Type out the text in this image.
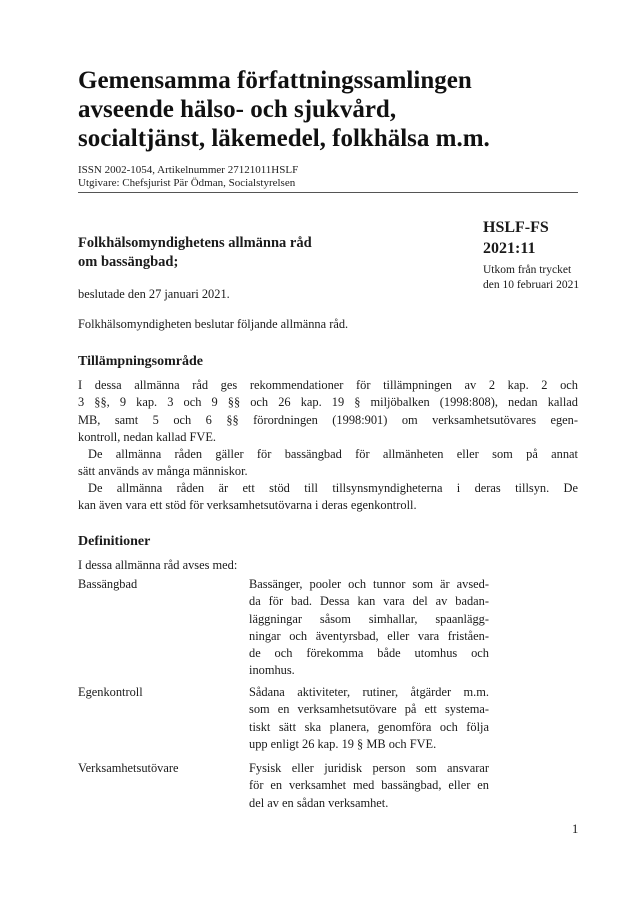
Gemensamma författningssamlingen
avseende hälso- och sjukvård,
socialtjänst, läkemedel, folkhälsa m.m.
ISSN 2002-1054, Artikelnummer 27121011HSLF
Utgivare: Chefsjurist Pär Ödman, Socialstyrelsen
HSLF-FS
2021:11
Utkom från trycket
den 10 februari 2021
Folkhälsomyndighetens allmänna råd
om bassängbad;
beslutade den 27 januari 2021.
Folkhälsomyndigheten beslutar följande allmänna råd.
Tillämpningsområde
I dessa allmänna råd ges rekommendationer för tillämpningen av 2 kap. 2 och
3 §§, 9 kap. 3 och 9 §§ och 26 kap. 19 § miljöbalken (1998:808), nedan kallad
MB, samt 5 och 6 §§ förordningen (1998:901) om verksamhetsutövares egen-
kontroll, nedan kallad FVE.
De allmänna råden gäller för bassängbad för allmänheten eller som på annat
sätt används av många människor.
De allmänna råden är ett stöd till tillsynsmyndigheterna i deras tillsyn. De
kan även vara ett stöd för verksamhetsutövarna i deras egenkontroll.
Definitioner
I dessa allmänna råd avses med:
Bassängbad	Bassänger, pooler och tunnor som är avsed-
da för bad. Dessa kan vara del av badan-
läggningar såsom simhallar, spaanlägg-
ningar och äventyrsbad, eller vara friståen-
de och förekomma både utomhus och
inomhus.
Egenkontroll	Sådana aktiviteter, rutiner, åtgärder m.m.
som en verksamhetsutövare på ett systema-
tiskt sätt ska planera, genomföra och följa
upp enligt 26 kap. 19 § MB och FVE.
Verksamhetsutövare	Fysisk eller juridisk person som ansvarar
för en verksamhet med bassängbad, eller en
del av en sådan verksamhet.
1
